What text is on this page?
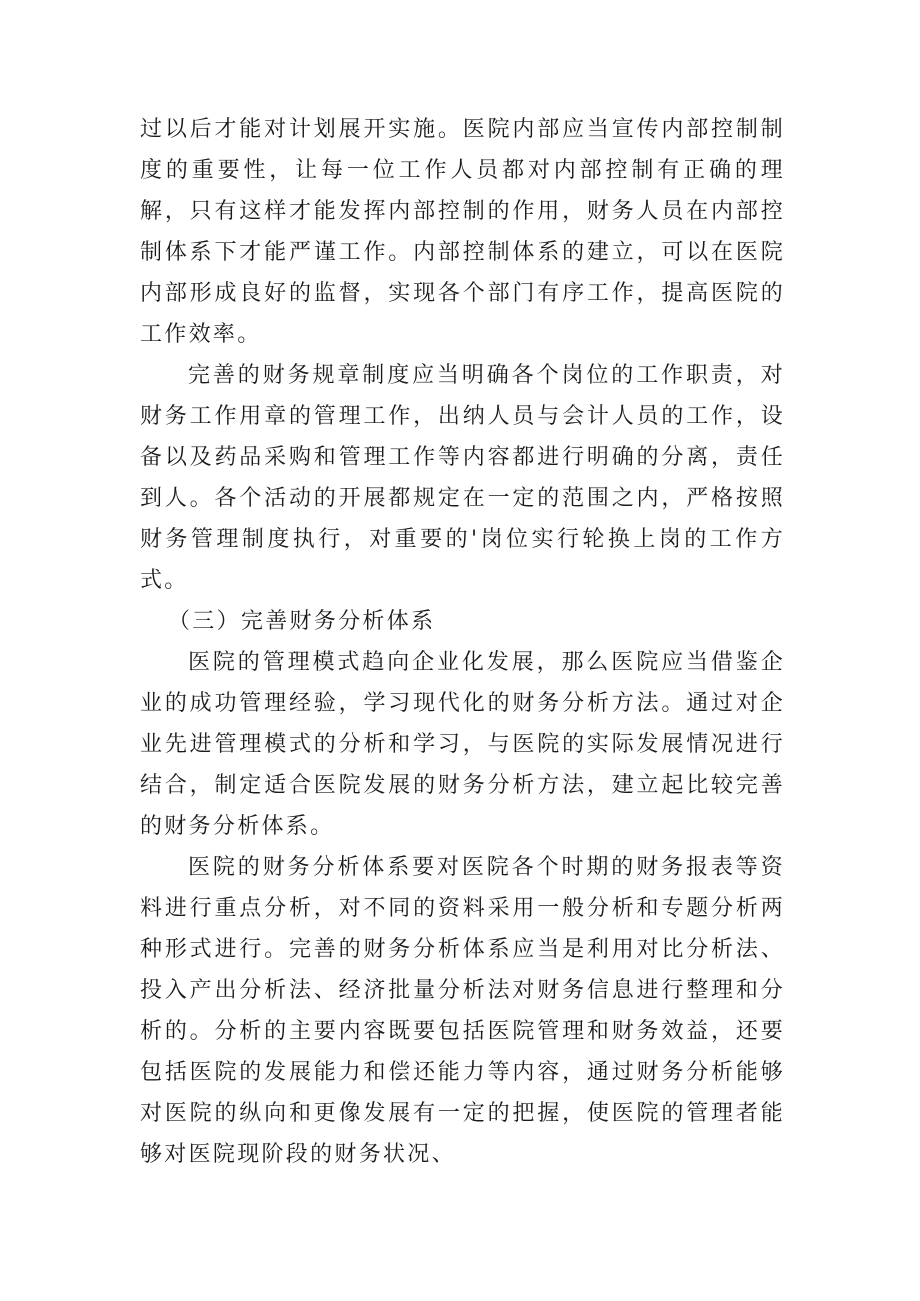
过以后才能对计划展开实施。医院内部应当宣传内部控制制度的重要性，让每一位工作人员都对内部控制有正确的理解，只有这样才能发挥内部控制的作用，财务人员在内部控制体系下才能严谨工作。内部控制体系的建立，可以在医院内部形成良好的监督，实现各个部门有序工作，提高医院的工作效率。

完善的财务规章制度应当明确各个岗位的工作职责，对财务工作用章的管理工作，出纳人员与会计人员的工作，设备以及药品采购和管理工作等内容都进行明确的分离，责任到人。各个活动的开展都规定在一定的范围之内，严格按照财务管理制度执行，对重要的'岗位实行轮换上岗的工作方式。

（三）完善财务分析体系

医院的管理模式趋向企业化发展，那么医院应当借鉴企业的成功管理经验，学习现代化的财务分析方法。通过对企业先进管理模式的分析和学习，与医院的实际发展情况进行结合，制定适合医院发展的财务分析方法，建立起比较完善的财务分析体系。

医院的财务分析体系要对医院各个时期的财务报表等资料进行重点分析，对不同的资料采用一般分析和专题分析两种形式进行。完善的财务分析体系应当是利用对比分析法、投入产出分析法、经济批量分析法对财务信息进行整理和分析的。分析的主要内容既要包括医院管理和财务效益，还要包括医院的发展能力和偿还能力等内容，通过财务分析能够对医院的纵向和更像发展有一定的把握，使医院的管理者能够对医院现阶段的财务状况、
